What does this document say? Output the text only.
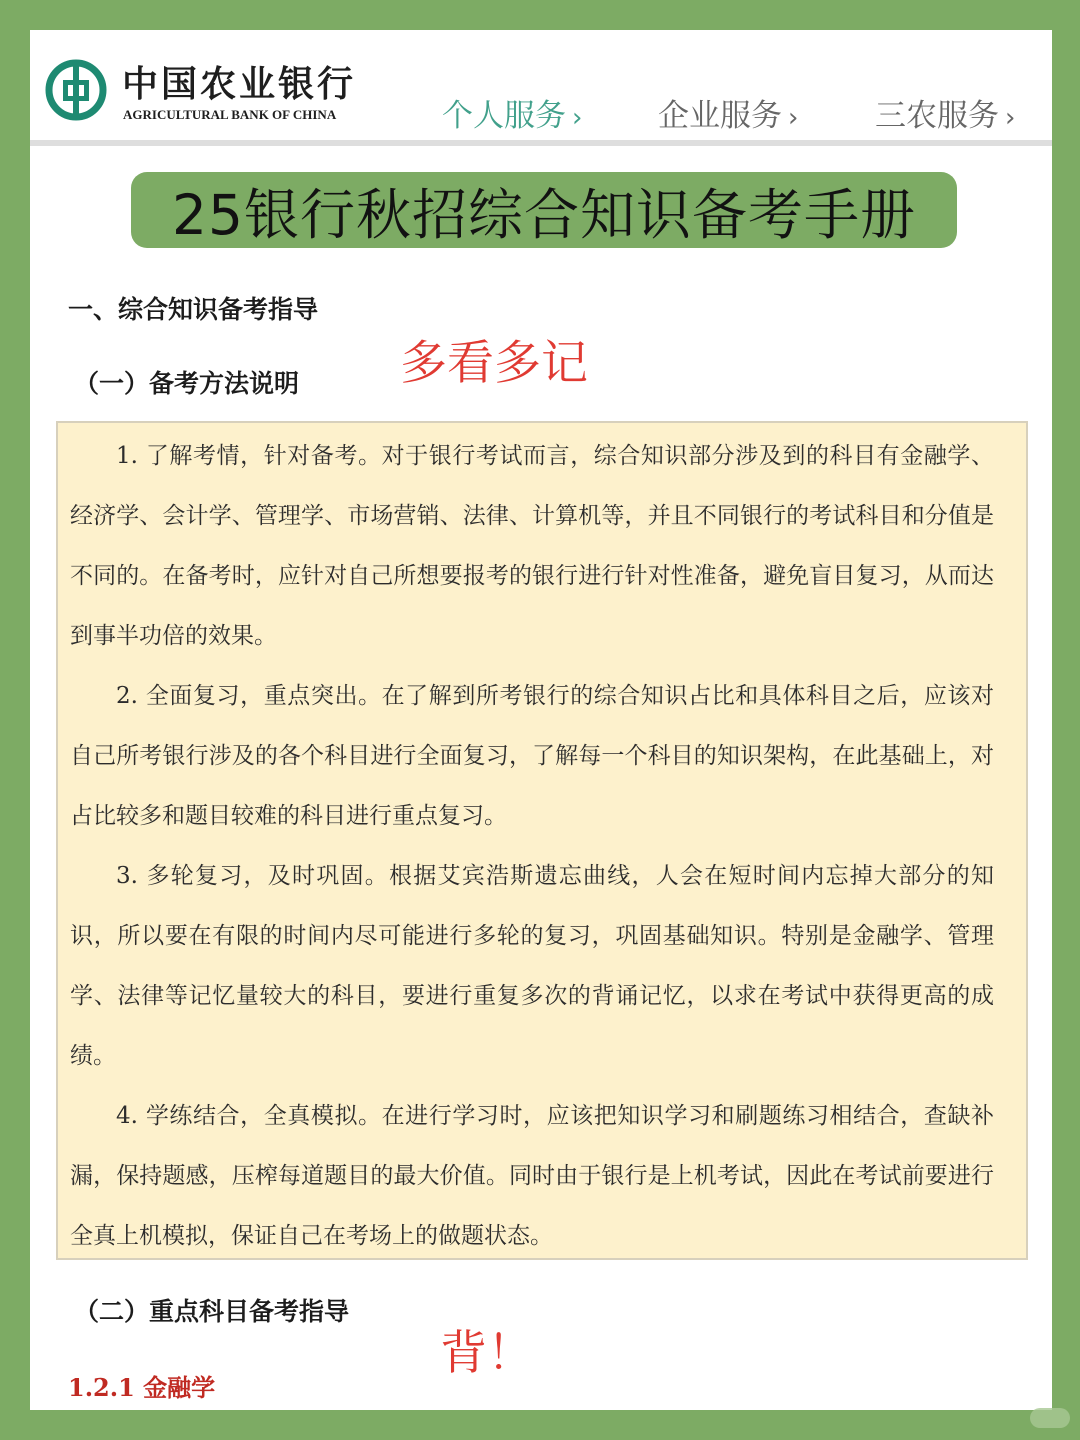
中国农业银行
AGRICULTURAL BANK OF CHINA	个人服务 › 企业服务 › 三农服务 ›
25银行秋招综合知识备考手册
一、综合知识备考指导
（一）备考方法说明 多看多记

1. 了解考情，针对备考。对于银行考试而言，综合知识部分涉及到的科目有金融学、经济学、会计学、管理学、市场营销、法律、计算机等，并且不同银行的考试科目和分值是不同的。在备考时，应针对自己所想要报考的银行进行针对性准备，避免盲目复习，从而达到事半功倍的效果。

2. 全面复习，重点突出。在了解到所考银行的综合知识占比和具体科目之后，应该对自己所考银行涉及的各个科目进行全面复习，了解每一个科目的知识架构，在此基础上，对占比较多和题目较难的科目进行重点复习。

3. 多轮复习，及时巩固。根据艾宾浩斯遗忘曲线，人会在短时间内忘掉大部分的知识，所以要在有限的时间内尽可能进行多轮的复习，巩固基础知识。特别是金融学、管理学、法律等记忆量较大的科目，要进行重复多次的背诵记忆，以求在考试中获得更高的成绩。

4. 学练结合，全真模拟。在进行学习时，应该把知识学习和刷题练习相结合，查缺补漏，保持题感，压榨每道题目的最大价值。同时由于银行是上机考试，因此在考试前要进行全真上机模拟，保证自己在考场上的做题状态。

（二）重点科目备考指导
背！
1.2.1 金融学
